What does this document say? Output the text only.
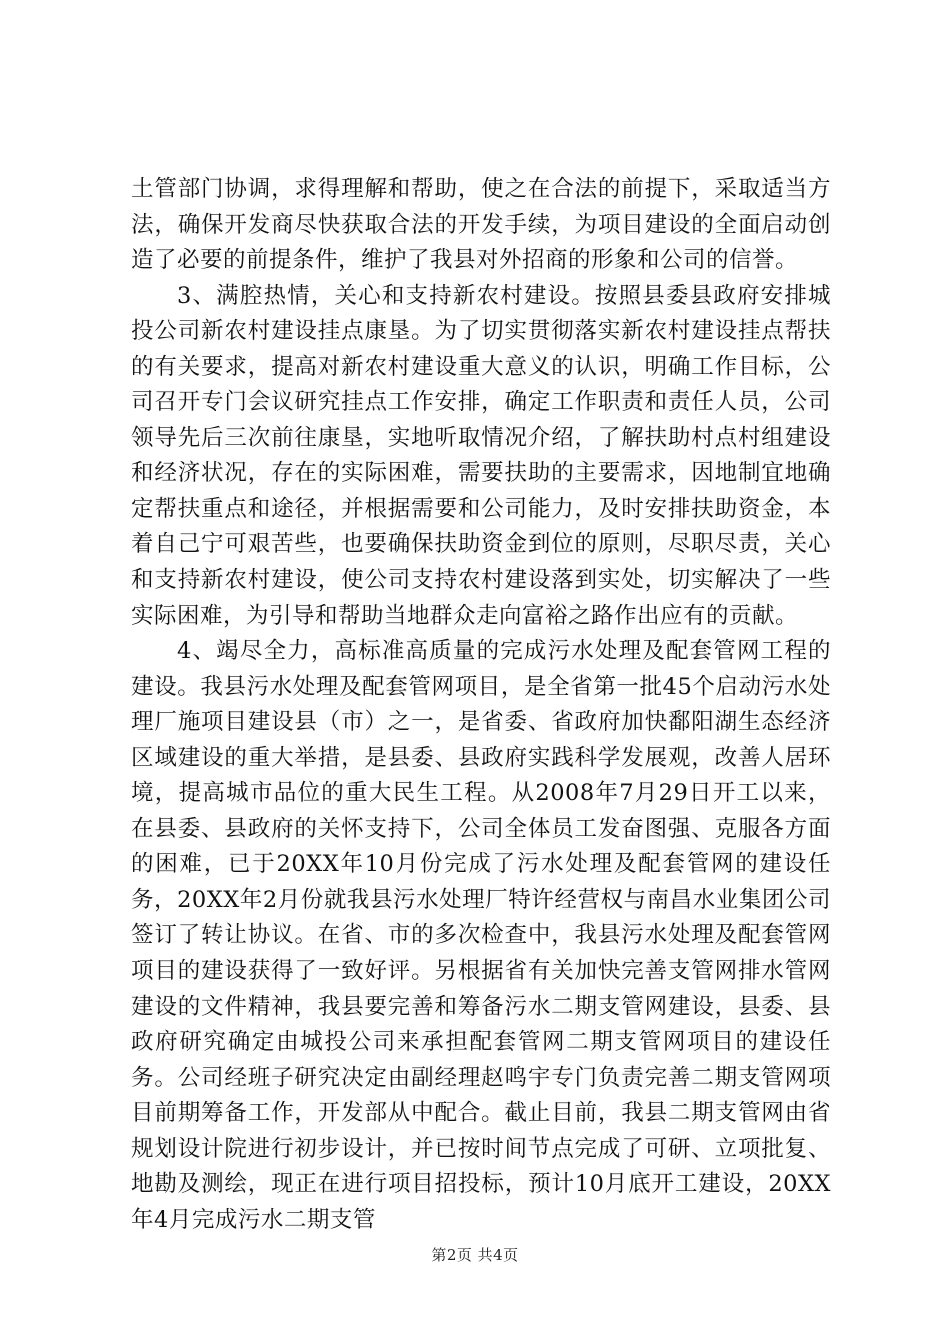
土管部门协调，求得理解和帮助，使之在合法的前提下，采取适当方法，确保开发商尽快获取合法的开发手续，为项目建设的全面启动创造了必要的前提条件，维护了我县对外招商的形象和公司的信誉。

3、满腔热情，关心和支持新农村建设。按照县委县政府安排城投公司新农村建设挂点康垦。为了切实贯彻落实新农村建设挂点帮扶的有关要求，提高对新农村建设重大意义的认识，明确工作目标，公司召开专门会议研究挂点工作安排，确定工作职责和责任人员，公司领导先后三次前往康垦，实地听取情况介绍，了解扶助村点村组建设和经济状况，存在的实际困难，需要扶助的主要需求，因地制宜地确定帮扶重点和途径，并根据需要和公司能力，及时安排扶助资金，本着自己宁可艰苦些，也要确保扶助资金到位的原则，尽职尽责，关心和支持新农村建设，使公司支持农村建设落到实处，切实解决了一些实际困难，为引导和帮助当地群众走向富裕之路作出应有的贡献。

4、竭尽全力，高标准高质量的完成污水处理及配套管网工程的建设。我县污水处理及配套管网项目，是全省第一批45个启动污水处理厂施项目建设县（市）之一，是省委、省政府加快鄱阳湖生态经济区域建设的重大举措，是县委、县政府实践科学发展观，改善人居环境，提高城市品位的重大民生工程。从2008年7月29日开工以来，在县委、县政府的关怀支持下，公司全体员工发奋图强、克服各方面的困难，已于20XX年10月份完成了污水处理及配套管网的建设任务，20XX年2月份就我县污水处理厂特许经营权与南昌水业集团公司签订了转让协议。在省、市的多次检查中，我县污水处理及配套管网项目的建设获得了一致好评。另根据省有关加快完善支管网排水管网建设的文件精神，我县要完善和筹备污水二期支管网建设，县委、县政府研究确定由城投公司来承担配套管网二期支管网项目的建设任务。公司经班子研究决定由副经理赵鸣宇专门负责完善二期支管网项目前期筹备工作，开发部从中配合。截止目前，我县二期支管网由省规划设计院进行初步设计，并已按时间节点完成了可研、立项批复、地勘及测绘，现正在进行项目招投标，预计10月底开工建设，20XX年4月完成污水二期支管

第2页 共4页
